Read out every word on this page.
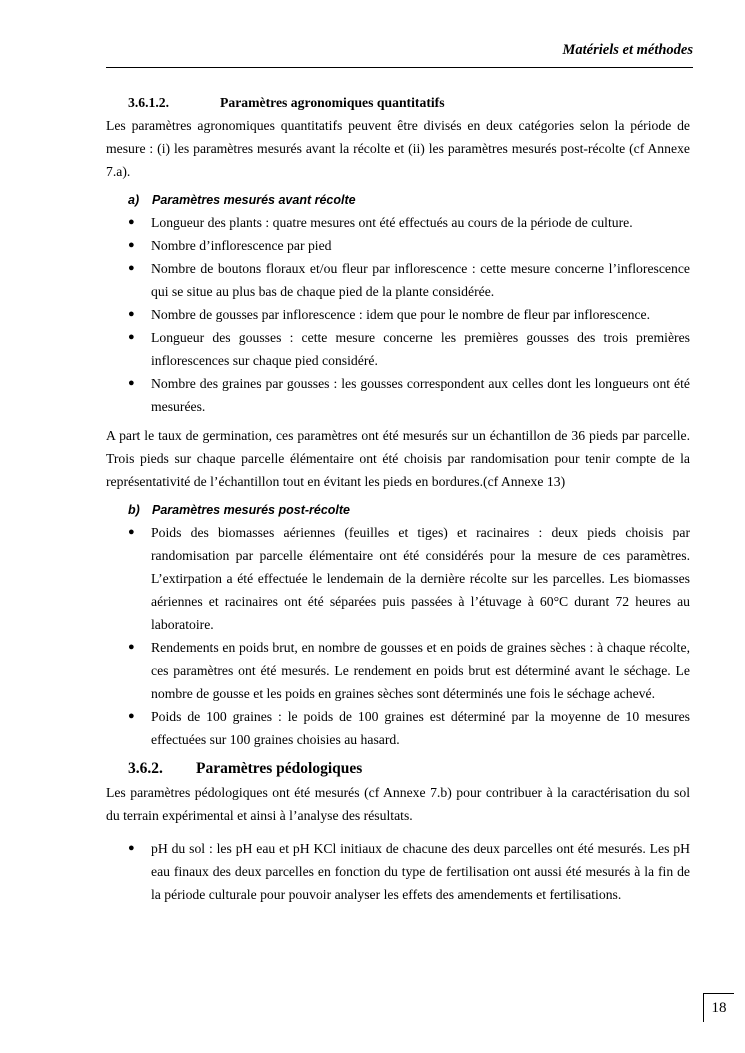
Matériels et méthodes
3.6.1.2.	Paramètres agronomiques quantitatifs

Les paramètres agronomiques quantitatifs peuvent être divisés en deux catégories selon la période de mesure : (i) les paramètres mesurés avant la récolte et (ii) les paramètres mesurés post-récolte (cf Annexe 7.a).

a) Paramètres mesurés avant récolte
● Longueur des plants : quatre mesures ont été effectués au cours de la période de culture.
● Nombre d’inflorescence par pied
● Nombre de boutons floraux et/ou fleur par inflorescence : cette mesure concerne l’inflorescence qui se situe au plus bas de chaque pied de la plante considérée.
● Nombre de gousses par inflorescence : idem que pour le nombre de fleur par inflorescence.
● Longueur des gousses : cette mesure concerne les premières gousses des trois premières inflorescences sur chaque pied considéré.
● Nombre des graines par gousses : les gousses correspondent aux celles dont les longueurs ont été mesurées.

A part le taux de germination, ces paramètres ont été mesurés sur un échantillon de 36 pieds par parcelle. Trois pieds sur chaque parcelle élémentaire ont été choisis par randomisation pour tenir compte de la représentativité de l’échantillon tout en évitant les pieds en bordures.(cf Annexe 13)

b) Paramètres mesurés post-récolte
● Poids des biomasses aériennes (feuilles et tiges) et racinaires : deux pieds choisis par randomisation par parcelle élémentaire ont été considérés pour la mesure de ces paramètres. L’extirpation a été effectuée le lendemain de la dernière récolte sur les parcelles. Les biomasses aériennes et racinaires ont été séparées puis passées à l’étuvage à 60°C durant 72 heures au laboratoire.
● Rendements en poids brut, en nombre de gousses et en poids de graines sèches : à chaque récolte, ces paramètres ont été mesurés. Le rendement en poids brut est déterminé avant le séchage. Le nombre de gousse et les poids en graines sèches sont déterminés une fois le séchage achevé.
● Poids de 100 graines : le poids de 100 graines est déterminé par la moyenne de 10 mesures effectuées sur 100 graines choisies au hasard.
3.6.2. Paramètres pédologiques

Les paramètres pédologiques ont été mesurés (cf Annexe 7.b) pour contribuer à la caractérisation du sol du terrain expérimental et ainsi à l’analyse des résultats.

● pH du sol : les pH eau et pH KCl initiaux de chacune des deux parcelles ont été mesurés. Les pH eau finaux des deux parcelles en fonction du type de fertilisation ont aussi été mesurés à la fin de la période culturale pour pouvoir analyser les effets des amendements et fertilisations.
18
